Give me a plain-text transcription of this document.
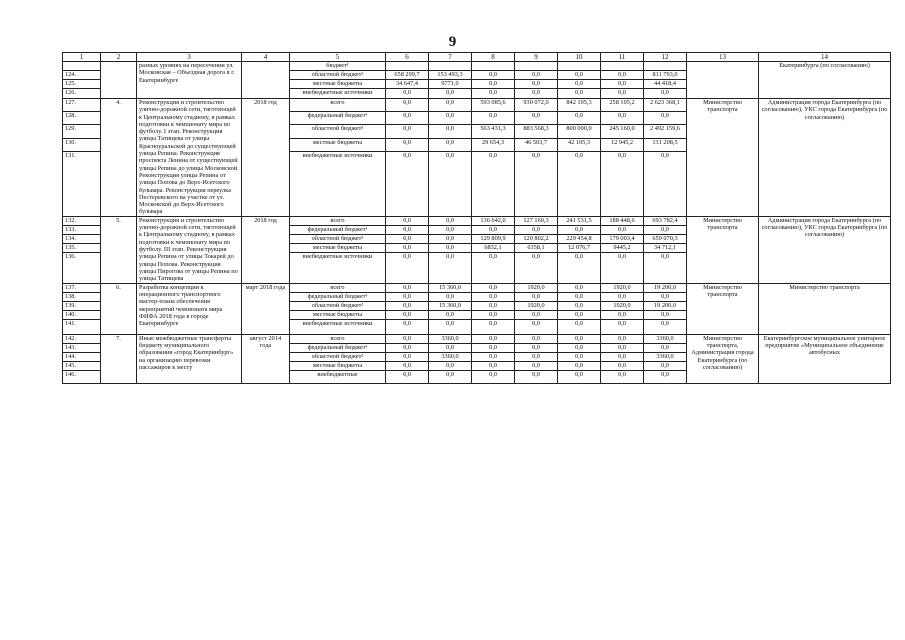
9
1	2	3	4	5	6	7	8	9	10	11	12	13	14
		разных уровнях на пересечении ул. Московская – Объездная дорога в г. Екатеринбурге		бюджет¹									Екатеринбурга (по согласованию)
124.				областной бюджет²	658 299,7	153 493,3	0,0	0,0	0,0	0,0	811 793,0		
125.				местные бюджеты	34 647,4	9771,0	0,0	0,0	0,0	0,0	44 418,4		
126.				внебюджетные источники	0,0	0,0	0,0	0,0	0,0	0,0	0,0		
127.	4.	Реконструкция и строительство улично-дорожной сети, тяготеющей к Центральному стадиону, в рамках подготовки к чемпионату мира по футболу. I этап. Реконструкция улицы Татищева от улицы Красноуральской до существующей улицы Репина. Реконструкция проспекта Ленина от существующей улицы Репина до улицы Московской. Реконструкция улицы Репина от улицы Попова до Верх-Исетского бульвара. Реконструкция переулка Пестеревского на участке от ул. Московской до Верх-Исетского бульвара	2018 год	всего	0,0	0,0	593 085,6	930 072,0	842 105,3	258 105,2	2 623 368,1	Министерство транспорта	Администрация города Екатеринбурга (по согласованию), УКС города Екатеринбурга (по согласованию)
128.				федеральный бюджет¹	0,0	0,0	0,0	0,0	0,0	0,0	0,0		
129.				областной бюджет²	0,0	0,0	563 431,3	883 568,3	800 000,0	245 160,0	2 492 159,6		
130.				местные бюджеты	0,0	0,0	29 654,3	46 503,7	42 105,3	12 945,2	131 208,5		
131.				внебюджетные источники	0,0	0,0	0,0	0,0	0,0	0,0	0,0		
132.	5.	Реконструкция и строительство улично-дорожной сети, тяготеющей к Центральному стадиону, в рамках подготовки к чемпионату мира по футболу. III этап. Реконструкция улицы Репина от улицы Токарей до улицы Попова. Реконструкция улицы Пирогова от улицы Репина по улицы Татищева	2018 год	всего	0,0	0,0	136 642,0	127 160,3	241 531,5	188 448,6	693 782,4	Министерство транспорта	Администрация города Екатеринбурга (по согласованию), УКС города Екатеринбурга (по согласованию)
133.				федеральный бюджет¹	0,0	0,0	0,0	0,0	0,0	0,0	0,0		
134.				областной бюджет²	0,0	0,0	129 809,9	120 802,2	229 454,8	179 003,4	659 070,3		
135.				местные бюджеты	0,0	0,0	6832,1	6358,1	12 076,7	9445,2	34 712,1		
136.				внебюджетные источники	0,0	0,0	0,0	0,0	0,0	0,0	0,0		
137.	6.	Разработка концепции к операционного транспортного мастер-плана обеспечения мероприятий чемпионата мира ФИФА 2018 года в городе Екатеринбурге	март 2018 года	всего	0,0	15 360,0	0,0	1920,0	0,0	1920,0	19 200,0	Министерство транспорта	Министерство транспорта
138.				федеральный бюджет¹	0,0	0,0	0,0	0,0	0,0	0,0	0,0		
139.				областной бюджет²	0,0	15 360,0	0,0	1920,0	0,0	1920,0	19 200,0		
140.				местные бюджеты	0,0	0,0	0,0	0,0	0,0	0,0	0,0		
141.				внебюджетные источники	0,0	0,0	0,0	0,0	0,0	0,0	0,0		
142.	7.	Иные межбюджетные трансферты бюджету муниципального образования «город Екатеринбург» на организацию перевозки пассажиров к месту	август 2014 года	всего	0,0	3360,0	0,0	0,0	0,0	0,0	3360,0	Министерство транспорта, Администрация города Екатеринбурга (по согласованию)	Екатеринбургское муниципальное унитарное предприятие «Муниципальное объединение автобусных
143.				федеральный бюджет¹	0,0	0,0	0,0	0,0	0,0	0,0	0,0		
144.				областной бюджет²	0,0	3360,0	0,0	0,0	0,0	0,0	3360,0		
145.				местные бюджеты	0,0	0,0	0,0	0,0	0,0	0,0	0,0		
146.				внебюджетные	0,0	0,0	0,0	0,0	0,0	0,0	0,0		
